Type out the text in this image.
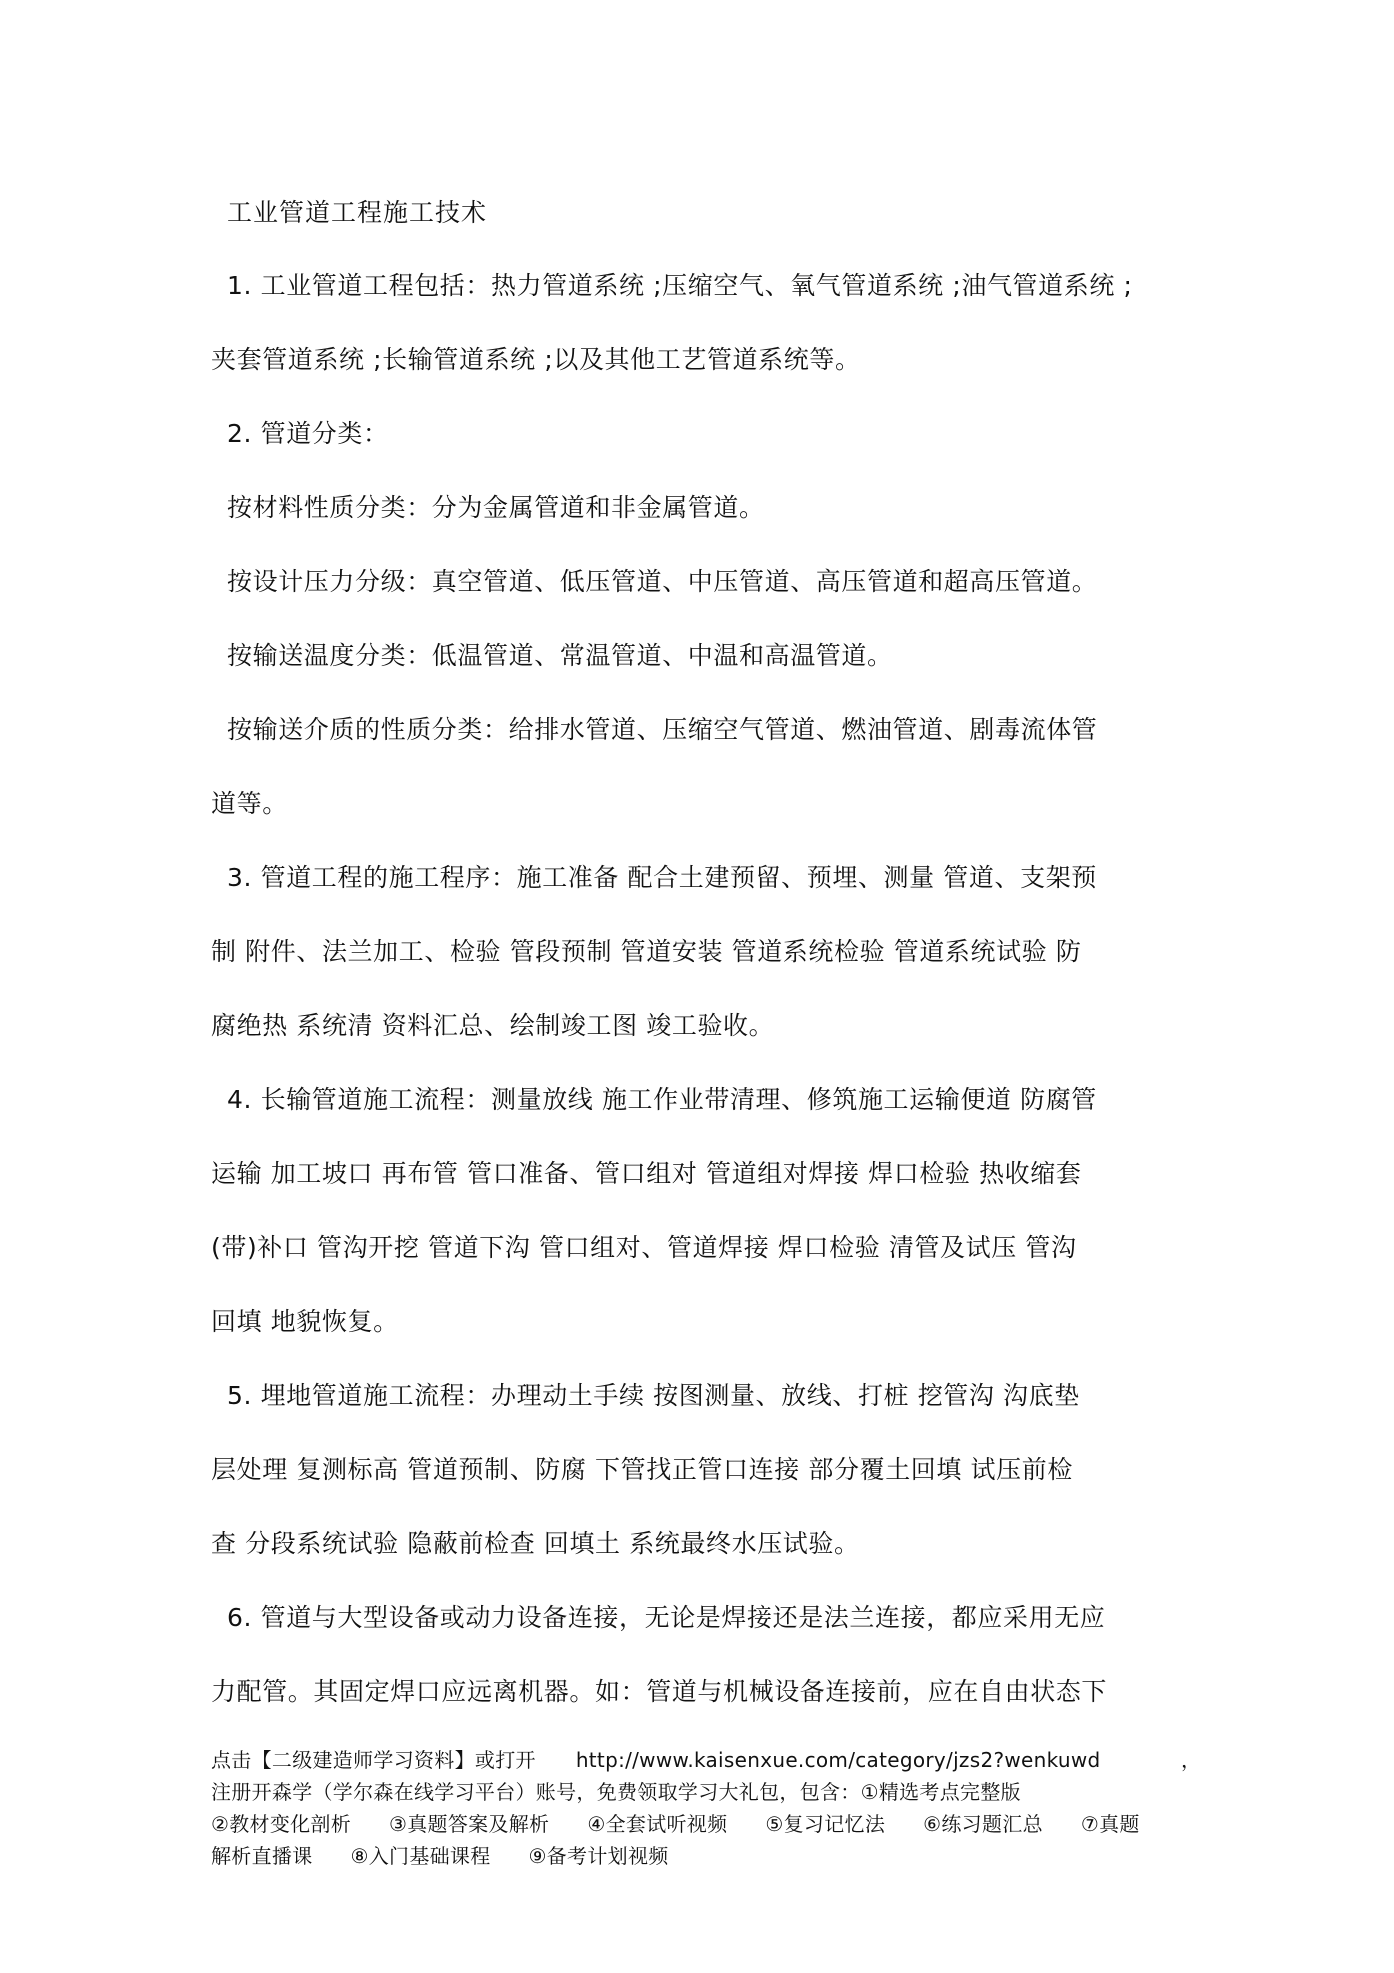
工业管道工程施工技术
1. 工业管道工程包括：热力管道系统 ;压缩空气、氧气管道系统 ;油气管道系统 ;
夹套管道系统 ;长输管道系统 ;以及其他工艺管道系统等。
2. 管道分类：
按材料性质分类：分为金属管道和非金属管道。
按设计压力分级：真空管道、低压管道、中压管道、高压管道和超高压管道。
按输送温度分类：低温管道、常温管道、中温和高温管道。
按输送介质的性质分类：给排水管道、压缩空气管道、燃油管道、剧毒流体管
道等。
3. 管道工程的施工程序：施工准备 配合土建预留、预埋、测量 管道、支架预
制 附件、法兰加工、检验 管段预制 管道安装 管道系统检验 管道系统试验 防
腐绝热 系统清 资料汇总、绘制竣工图 竣工验收。
4. 长输管道施工流程：测量放线 施工作业带清理、修筑施工运输便道 防腐管
运输 加工坡口 再布管 管口准备、管口组对 管道组对焊接 焊口检验 热收缩套
(带)补口 管沟开挖 管道下沟 管口组对、管道焊接 焊口检验 清管及试压 管沟
回填 地貌恢复。
5. 埋地管道施工流程：办理动土手续 按图测量、放线、打桩 挖管沟 沟底垫
层处理 复测标高 管道预制、防腐 下管找正管口连接 部分覆土回填 试压前检
查 分段系统试验 隐蔽前检查 回填土 系统最终水压试验。
6. 管道与大型设备或动力设备连接，无论是焊接还是法兰连接，都应采用无应
力配管。其固定焊口应远离机器。如：管道与机械设备连接前，应在自由状态下
点击【二级建造师学习资料】或打开 http://www.kaisenxue.com/category/jzs2?wenkuwd	，
注册开森学（学尔森在线学习平台）账号，免费领取学习大礼包，包含：①精选考点完整版
②教材变化剖析 ③真题答案及解析 ④全套试听视频 ⑤复习记忆法 ⑥练习题汇总 ⑦真题
解析直播课 ⑧入门基础课程 ⑨备考计划视频
